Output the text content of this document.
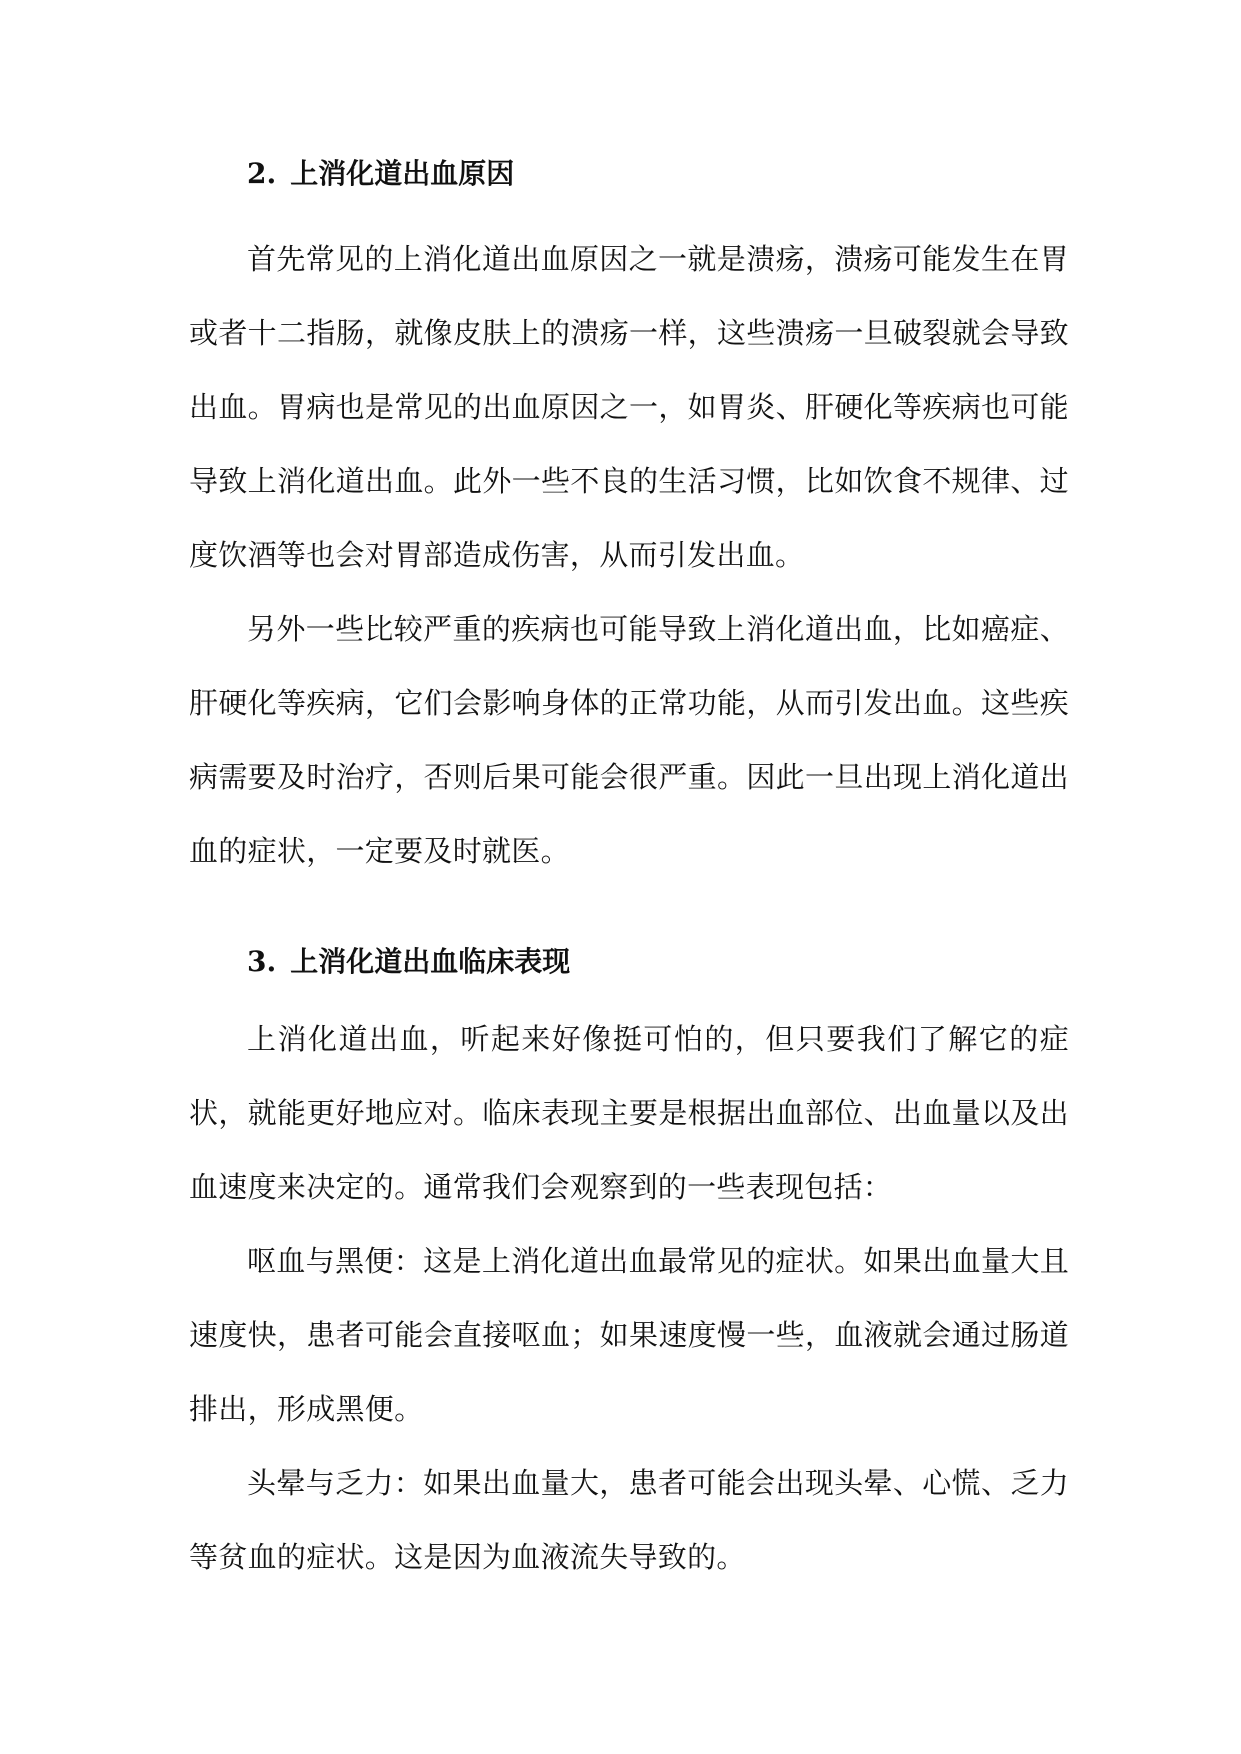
2. 上消化道出血原因

首先常见的上消化道出血原因之一就是溃疡，溃疡可能发生在胃或者十二指肠，就像皮肤上的溃疡一样，这些溃疡一旦破裂就会导致出血。胃病也是常见的出血原因之一，如胃炎、肝硬化等疾病也可能导致上消化道出血。此外一些不良的生活习惯，比如饮食不规律、过度饮酒等也会对胃部造成伤害，从而引发出血。

另外一些比较严重的疾病也可能导致上消化道出血，比如癌症、肝硬化等疾病，它们会影响身体的正常功能，从而引发出血。这些疾病需要及时治疗，否则后果可能会很严重。因此一旦出现上消化道出血的症状，一定要及时就医。

3. 上消化道出血临床表现

上消化道出血，听起来好像挺可怕的，但只要我们了解它的症状，就能更好地应对。临床表现主要是根据出血部位、出血量以及出血速度来决定的。通常我们会观察到的一些表现包括：

呕血与黑便：这是上消化道出血最常见的症状。如果出血量大且速度快，患者可能会直接呕血；如果速度慢一些，血液就会通过肠道排出，形成黑便。

头晕与乏力：如果出血量大，患者可能会出现头晕、心慌、乏力等贫血的症状。这是因为血液流失导致的。
